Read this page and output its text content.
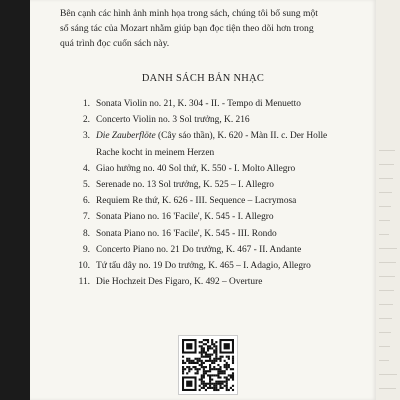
Bên cạnh các hình ảnh minh họa trong sách, chúng tôi bổ sung một

số sáng tác của Mozart nhằm giúp bạn đọc tiện theo dõi hơn trong

quá trình đọc cuốn sách này.

DANH SÁCH BẢN NHẠC
1. Sonata Violin no. 21, K. 304 - II. - Tempo di Menuetto
2. Concerto Violin no. 3 Sol trưởng, K. 216
3. Die Zauberflöte (Cây sáo thần), K. 620 - Màn II. c. Der Holle
Rache kocht in meinem Herzen
4. Giao hưởng no. 40 Sol thứ, K. 550 - I. Molto Allegro
5. Serenade no. 13 Sol trưởng, K. 525 – I. Allegro
6. Requiem Re thứ, K. 626 - III. Sequence – Lacrymosa
7. Sonata Piano no. 16 'Facile', K. 545 - I. Allegro
8. Sonata Piano no. 16 'Facile', K. 545 - III. Rondo
9. Concerto Piano no. 21 Do trưởng, K. 467 - II. Andante
10. Tứ tấu dây no. 19 Do trưởng, K. 465 – I. Adagio, Allegro
11. Die Hochzeit Des Figaro, K. 492 – Overture
